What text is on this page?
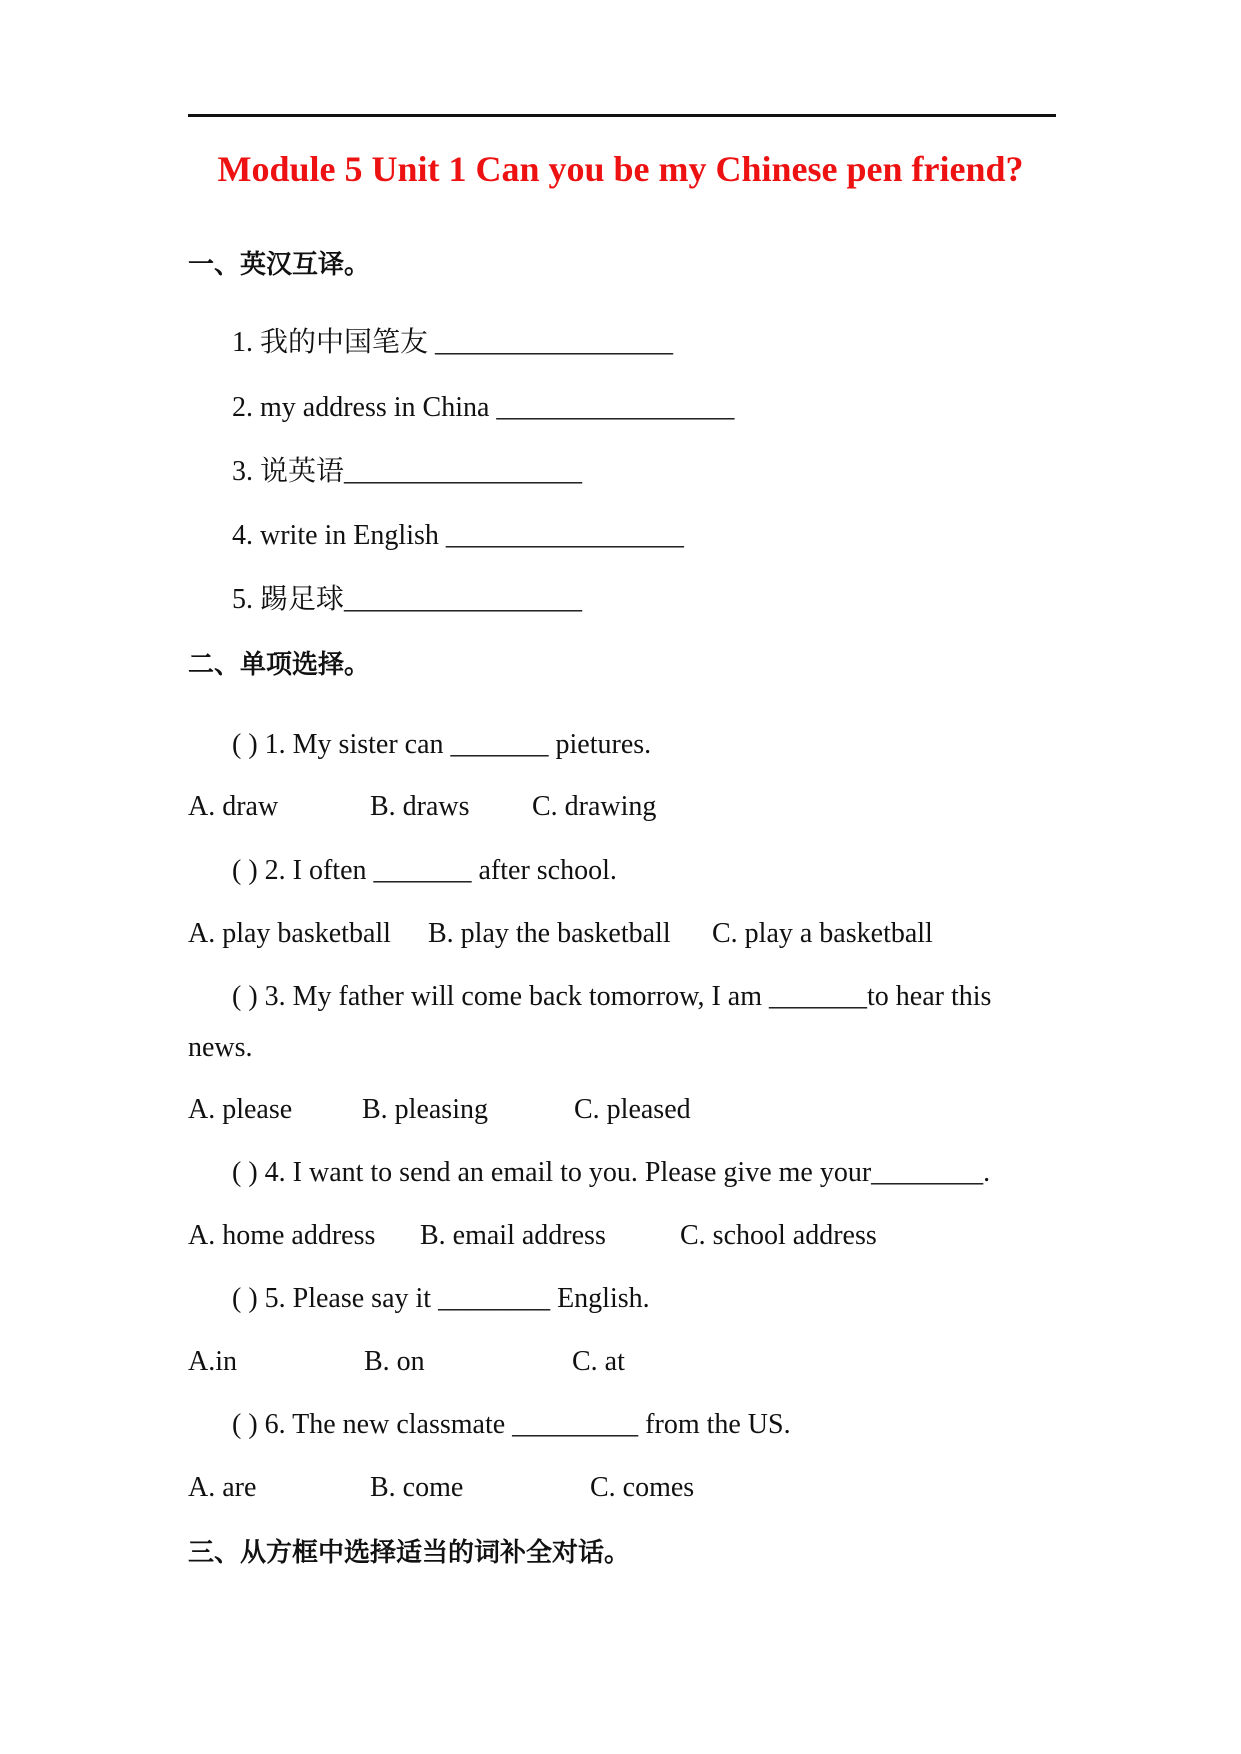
Module 5 Unit 1 Can you be my Chinese pen friend?
一、英汉互译。
1. 我的中国笔友 _________________
2. my address in China _________________
3. 说英语_________________
4. write in English _________________
5. 踢足球_________________
二、单项选择。
( ) 1. My sister can _______ pietures.
A. draw	B. draws C. drawing
( ) 2. I often _______ after school.
A. play basketball B. play the basketball C. play a basketball
( ) 3. My father will come back tomorrow, I am _______to hear this
news.
A. please B. pleasing	C. pleased
( ) 4. I want to send an email to you. Please give me your________.
A. home address B. email address	C. school address
( ) 5. Please say it ________ English.
A.in	B. on	C. at
( ) 6. The new classmate _________ from the US.
A. are	B. come	C. comes
三、从方框中选择适当的词补全对话。
